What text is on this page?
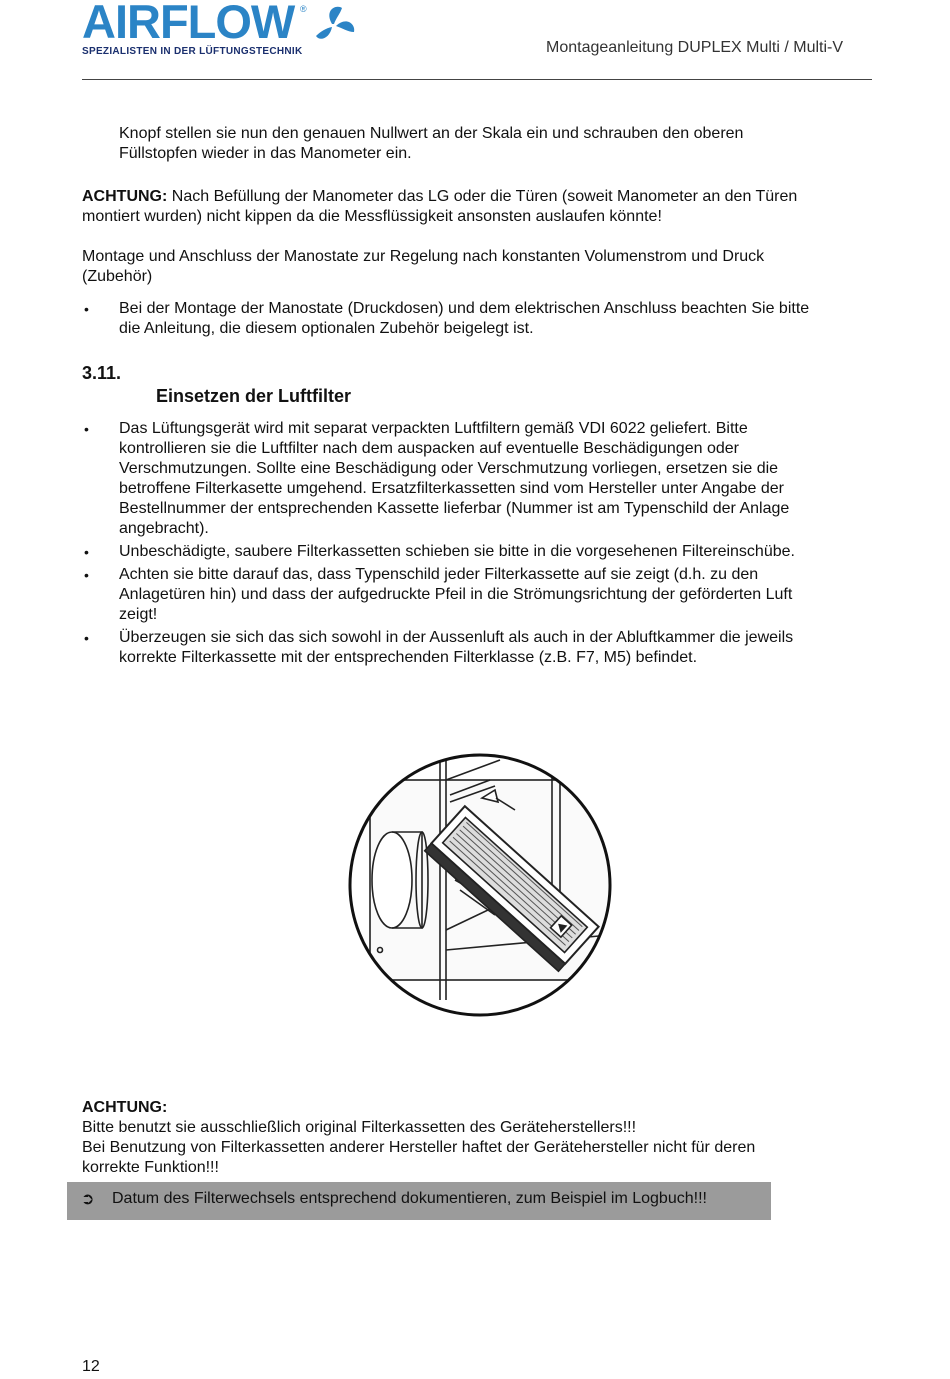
AIRFLOW ®
SPEZIALISTEN IN DER LÜFTUNGSTECHNIK	Montageanleitung DUPLEX Multi / Multi-V
Knopf stellen sie nun den genauen Nullwert an der Skala ein und schrauben den oberen
Füllstopfen wieder in das Manometer ein.
ACHTUNG: Nach Befüllung der Manometer das LG oder die Türen (soweit Manometer an den Türen
montiert wurden) nicht kippen da die Messflüssigkeit ansonsten auslaufen könnte!
Montage und Anschluss der Manostate zur Regelung nach konstanten Volumenstrom und Druck
(Zubehör)
• Bei der Montage der Manostate (Druckdosen) und dem elektrischen Anschluss beachten Sie bitte
die Anleitung, die diesem optionalen Zubehör beigelegt ist.
3.11.
Einsetzen der Luftfilter
• Das Lüftungsgerät wird mit separat verpackten Luftfiltern gemäß VDI 6022 geliefert. Bitte
kontrollieren sie die Luftfilter nach dem auspacken auf eventuelle Beschädigungen oder
Verschmutzungen. Sollte eine Beschädigung oder Verschmutzung vorliegen, ersetzen sie die
betroffene Filterkasette umgehend. Ersatzfilterkassetten sind vom Hersteller unter Angabe der
Bestellnummer der entsprechenden Kassette lieferbar (Nummer ist am Typenschild der Anlage
angebracht).
• Unbeschädigte, saubere Filterkassetten schieben sie bitte in die vorgesehenen Filtereinschübe.
• Achten sie bitte darauf das, dass Typenschild jeder Filterkassette auf sie zeigt (d.h. zu den
Anlagetüren hin) und dass der aufgedruckte Pfeil in die Strömungsrichtung der geförderten Luft
zeigt!
• Überzeugen sie sich das sich sowohl in der Aussenluft als auch in der Abluftkammer die jeweils
korrekte Filterkassette mit der entsprechenden Filterklasse (z.B. F7, M5) befindet.
ACHTUNG:
Bitte benutzt sie ausschließlich original Filterkassetten des Geräteherstellers!!!
Bei Benutzung von Filterkassetten anderer Hersteller haftet der Gerätehersteller nicht für deren
korrekte Funktion!!!
➲ Datum des Filterwechsels entsprechend dokumentieren, zum Beispiel im Logbuch!!!
12
